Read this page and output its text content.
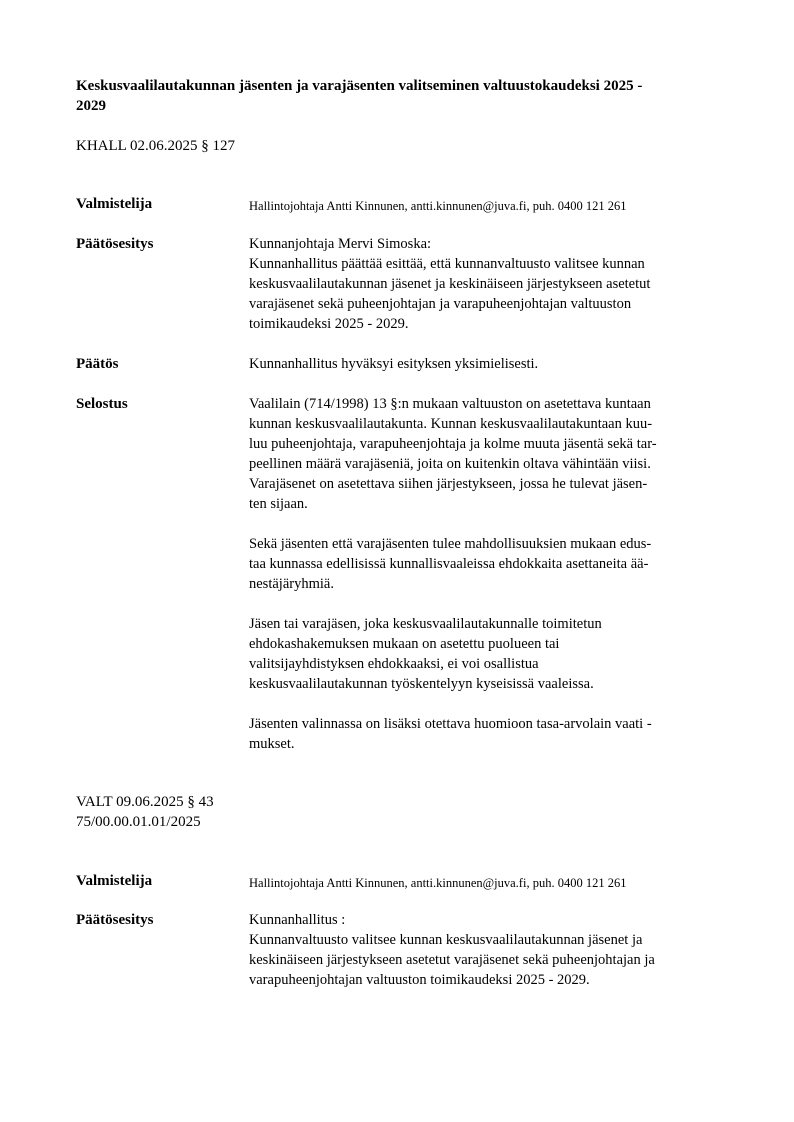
Keskusvaalilautakunnan jäsenten ja varajäsenten valitseminen valtuustokaudeksi 2025 -
2029
KHALL 02.06.2025 § 127
Valmistelija	Hallintojohtaja Antti Kinnunen, antti.kinnunen@juva.fi, puh. 0400 121 261
Päätösesitys	Kunnanjohtaja Mervi Simoska:
Kunnanhallitus päättää esittää, että kunnanvaltuusto valitsee kunnan
keskusvaalilautakunnan jäsenet ja keskinäiseen järjestykseen asetetut
varajäsenet sekä puheenjohtajan ja varapuheenjohtajan valtuuston
toimikaudeksi 2025 - 2029.
Päätös	Kunnanhallitus hyväksyi esityksen yksimielisesti.
Selostus	Vaalilain (714/1998) 13 §:n mukaan valtuuston on asetettava kuntaan
kunnan keskusvaalilautakunta. Kunnan keskusvaalilautakuntaan kuu-
luu puheenjohtaja, varapuheenjohtaja ja kolme muuta jäsentä sekä tar-
peellinen määrä varajäseniä, joita on kuitenkin oltava vähintään viisi.
Varajäsenet on asetettava siihen järjestykseen, jossa he tulevat jäsen-
ten sijaan.
Sekä jäsenten että varajäsenten tulee mahdollisuuksien mukaan edus-
taa kunnassa edellisissä kunnallisvaaleissa ehdokkaita asettaneita ää-
nestäjäryhmiä.
Jäsen tai varajäsen, joka keskusvaalilautakunnalle toimitetun
ehdokashakemuksen mukaan on asetettu puolueen tai
valitsijayhdistyksen ehdokkaaksi, ei voi osallistua
keskusvaalilautakunnan työskentelyyn kyseisissä vaaleissa.
Jäsenten valinnassa on lisäksi otettava huomioon tasa-arvolain vaati -
mukset.
VALT 09.06.2025 § 43
75/00.00.01.01/2025
Valmistelija	Hallintojohtaja Antti Kinnunen, antti.kinnunen@juva.fi, puh. 0400 121 261
Päätösesitys	Kunnanhallitus :
Kunnanvaltuusto valitsee kunnan keskusvaalilautakunnan jäsenet ja
keskinäiseen järjestykseen asetetut varajäsenet sekä puheenjohtajan ja
varapuheenjohtajan valtuuston toimikaudeksi 2025 - 2029.
